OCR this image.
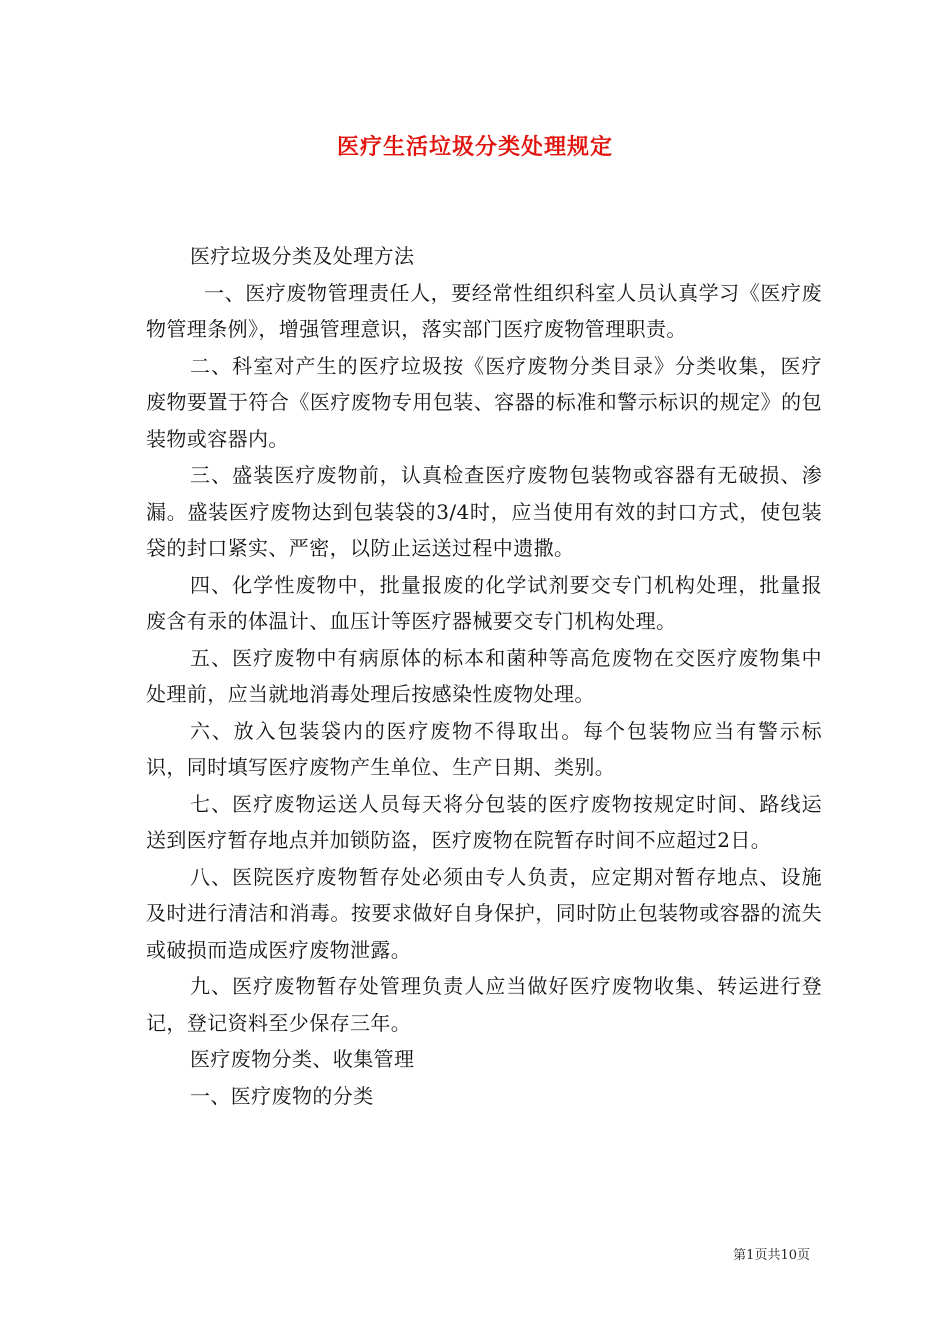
医疗生活垃圾分类处理规定

医疗垃圾分类及处理方法

一、医疗废物管理责任人，要经常性组织科室人员认真学习《医疗废物管理条例》，增强管理意识，落实部门医疗废物管理职责。

二、科室对产生的医疗垃圾按《医疗废物分类目录》分类收集，医疗废物要置于符合《医疗废物专用包装、容器的标准和警示标识的规定》的包装物或容器内。

三、盛装医疗废物前，认真检查医疗废物包装物或容器有无破损、渗漏。盛装医疗废物达到包装袋的3/4时，应当使用有效的封口方式，使包装袋的封口紧实、严密，以防止运送过程中遗撒。

四、化学性废物中，批量报废的化学试剂要交专门机构处理，批量报废含有汞的体温计、血压计等医疗器械要交专门机构处理。

五、医疗废物中有病原体的标本和菌种等高危废物在交医疗废物集中处理前，应当就地消毒处理后按感染性废物处理。

六、放入包装袋内的医疗废物不得取出。每个包装物应当有警示标识，同时填写医疗废物产生单位、生产日期、类别。

七、医疗废物运送人员每天将分包装的医疗废物按规定时间、路线运送到医疗暂存地点并加锁防盗，医疗废物在院暂存时间不应超过2日。

八、医院医疗废物暂存处必须由专人负责，应定期对暂存地点、设施及时进行清洁和消毒。按要求做好自身保护，同时防止包装物或容器的流失或破损而造成医疗废物泄露。

九、医疗废物暂存处管理负责人应当做好医疗废物收集、转运进行登记，登记资料至少保存三年。

医疗废物分类、收集管理

一、医疗废物的分类

第1页共10页
